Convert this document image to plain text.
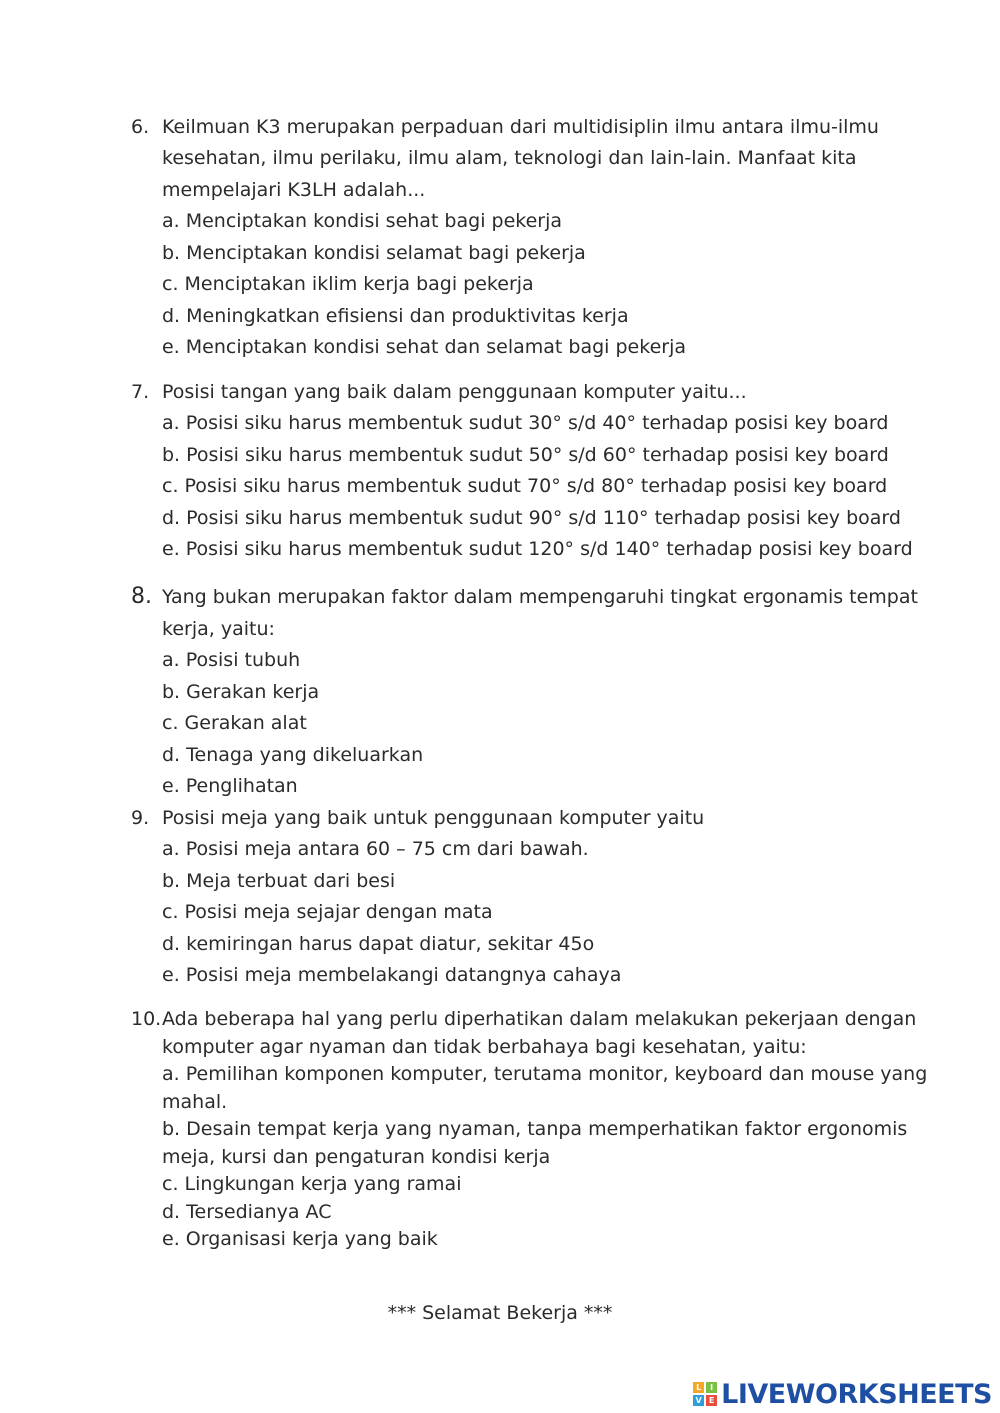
6. Keilmuan K3 merupakan perpaduan dari multidisiplin ilmu antara ilmu-ilmu
kesehatan, ilmu perilaku, ilmu alam, teknologi dan lain-lain. Manfaat kita
mempelajari K3LH adalah...
a. Menciptakan kondisi sehat bagi pekerja
b. Menciptakan kondisi selamat bagi pekerja
c. Menciptakan iklim kerja bagi pekerja
d. Meningkatkan efisiensi dan produktivitas kerja
e. Menciptakan kondisi sehat dan selamat bagi pekerja
7. Posisi tangan yang baik dalam penggunaan komputer yaitu...
a. Posisi siku harus membentuk sudut 30° s/d 40° terhadap posisi key board
b. Posisi siku harus membentuk sudut 50° s/d 60° terhadap posisi key board
c. Posisi siku harus membentuk sudut 70° s/d 80° terhadap posisi key board
d. Posisi siku harus membentuk sudut 90° s/d 110° terhadap posisi key board
e. Posisi siku harus membentuk sudut 120° s/d 140° terhadap posisi key board
8. Yang bukan merupakan faktor dalam mempengaruhi tingkat ergonamis tempat
kerja, yaitu:
a. Posisi tubuh
b. Gerakan kerja
c. Gerakan alat
d. Tenaga yang dikeluarkan
e. Penglihatan
9. Posisi meja yang baik untuk penggunaan komputer yaitu
a. Posisi meja antara 60 – 75 cm dari bawah.
b. Meja terbuat dari besi
c. Posisi meja sejajar dengan mata
d. kemiringan harus dapat diatur, sekitar 45o
e. Posisi meja membelakangi datangnya cahaya
10. Ada beberapa hal yang perlu diperhatikan dalam melakukan pekerjaan dengan
komputer agar nyaman dan tidak berbahaya bagi kesehatan, yaitu:
a. Pemilihan komponen komputer, terutama monitor, keyboard dan mouse yang
mahal.
b. Desain tempat kerja yang nyaman, tanpa memperhatikan faktor ergonomis
meja, kursi dan pengaturan kondisi kerja
c. Lingkungan kerja yang ramai
d. Tersedianya AC
e. Organisasi kerja yang baik
*** Selamat Bekerja ***
L	I
V E LIVEWORKSHEETS
